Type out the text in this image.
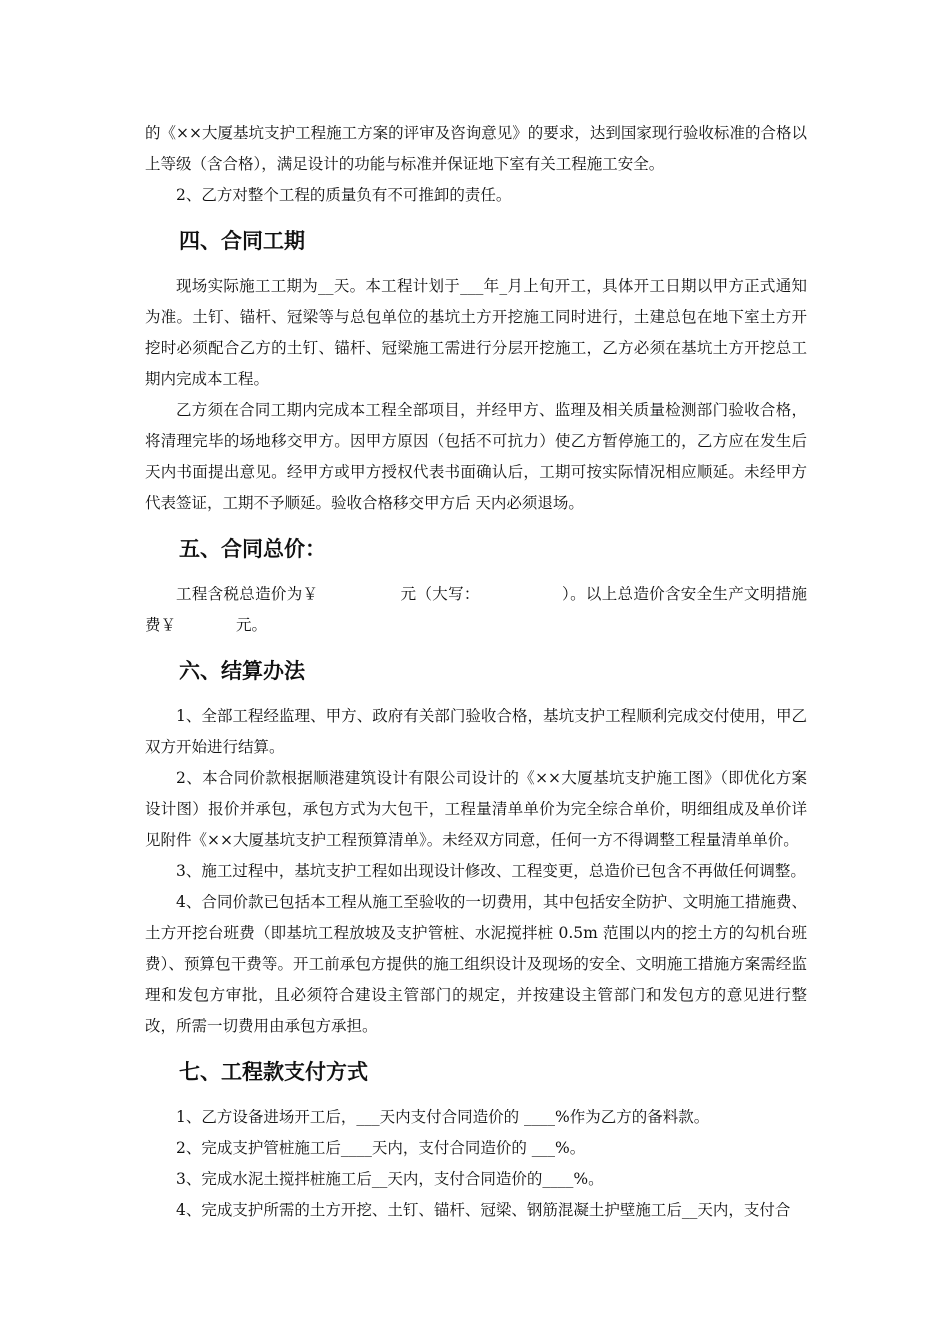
的《××大厦基坑支护工程施工方案的评审及咨询意见》的要求，达到国家现行验收标准的合格以上等级（含合格），满足设计的功能与标准并保证地下室有关工程施工安全。

2、乙方对整个工程的质量负有不可推卸的责任。

四、合同工期

现场实际施工工期为__天。本工程计划于___年_月上旬开工，具体开工日期以甲方正式通知为准。土钉、锚杆、冠梁等与总包单位的基坑土方开挖施工同时进行，土建总包在地下室土方开挖时必须配合乙方的土钉、锚杆、冠梁施工需进行分层开挖施工，乙方必须在基坑土方开挖总工期内完成本工程。

乙方须在合同工期内完成本工程全部项目，并经甲方、监理及相关质量检测部门验收合格，将清理完毕的场地移交甲方。因甲方原因（包括不可抗力）使乙方暂停施工的，乙方应在发生后 天内书面提出意见。经甲方或甲方授权代表书面确认后，工期可按实际情况相应顺延。未经甲方代表签证，工期不予顺延。验收合格移交甲方后 天内必须退场。

五、合同总价：

工程含税总造价为￥	元（大写：	）。以上总造价含安全生产文明措施费￥	元。

六、结算办法

1、全部工程经监理、甲方、政府有关部门验收合格，基坑支护工程顺利完成交付使用，甲乙双方开始进行结算。

2、本合同价款根据顺港建筑设计有限公司设计的《××大厦基坑支护施工图》（即优化方案设计图）报价并承包，承包方式为大包干，工程量清单单价为完全综合单价，明细组成及单价详见附件《××大厦基坑支护工程预算清单》。未经双方同意，任何一方不得调整工程量清单单价。

3、施工过程中，基坑支护工程如出现设计修改、工程变更，总造价已包含不再做任何调整。

4、合同价款已包括本工程从施工至验收的一切费用，其中包括安全防护、文明施工措施费、土方开挖台班费（即基坑工程放坡及支护管桩、水泥搅拌桩 0.5m 范围以内的挖土方的勾机台班费）、预算包干费等。开工前承包方提供的施工组织设计及现场的安全、文明施工措施方案需经监理和发包方审批，且必须符合建设主管部门的规定，并按建设主管部门和发包方的意见进行整改，所需一切费用由承包方承担。

七、工程款支付方式

1、乙方设备进场开工后，___天内支付合同造价的 ____%作为乙方的备料款。

2、完成支护管桩施工后____天内，支付合同造价的 ___%。

3、完成水泥土搅拌桩施工后__天内，支付合同造价的____%。

4、完成支护所需的土方开挖、土钉、锚杆、冠梁、钢筋混凝土护壁施工后__天内，支付合
